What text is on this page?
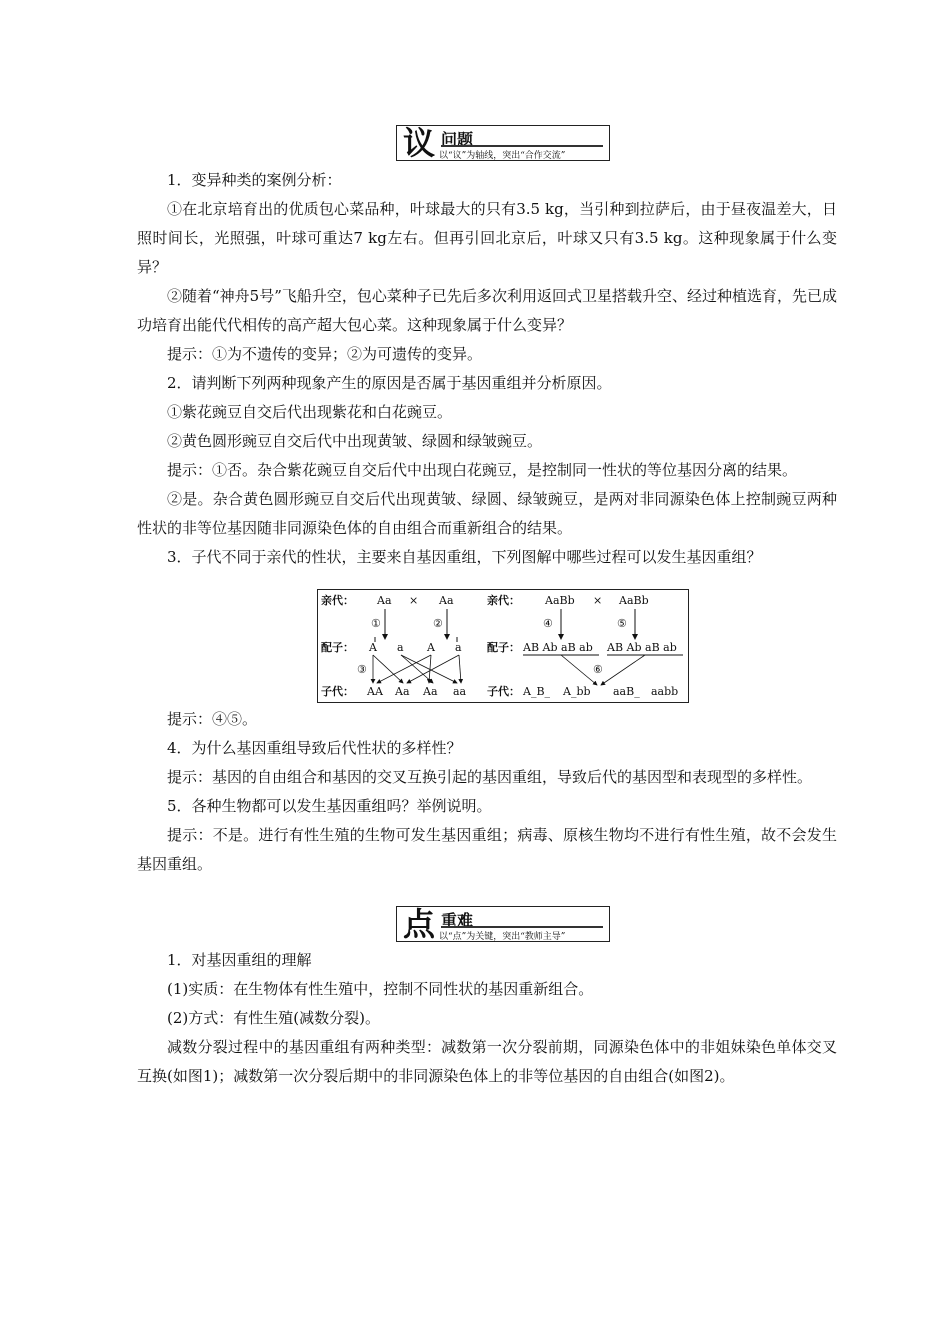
议 问题
以“议”为轴线，突出“合作交流”

1．变异种类的案例分析：

①在北京培育出的优质包心菜品种，叶球最大的只有3.5 kg，当引种到拉萨后，由于昼夜温差大，日照时间长，光照强，叶球可重达7 kg左右。但再引回北京后，叶球又只有3.5 kg。这种现象属于什么变异？

②随着“神舟5号”飞船升空，包心菜种子已先后多次利用返回式卫星搭载升空、经过种植选育，先已成功培育出能代代相传的高产超大包心菜。这种现象属于什么变异？

提示：①为不遗传的变异；②为可遗传的变异。

2．请判断下列两种现象产生的原因是否属于基因重组并分析原因。

①紫花豌豆自交后代出现紫花和白花豌豆。

②黄色圆形豌豆自交后代中出现黄皱、绿圆和绿皱豌豆。

提示：①否。杂合紫花豌豆自交后代中出现白花豌豆，是控制同一性状的等位基因分离的结果。

②是。杂合黄色圆形豌豆自交后代出现黄皱、绿圆、绿皱豌豆，是两对非同源染色体上控制豌豆两种性状的非等位基因随非同源染色体的自由组合而重新组合的结果。

3．子代不同于亲代的性状，主要来自基因重组，下列图解中哪些过程可以发生基因重组？

亲代： Aa × Aa
①	②
配子： A a A a
③
子代： AA Aa Aa aa
亲代： AaBb × AaBb
④	⑤
配子： AB Ab aB ab AB Ab aB ab
⑥
子代： A_B_ A_bb aaB_ aabb

提示：④⑤。

4．为什么基因重组导致后代性状的多样性？

提示：基因的自由组合和基因的交叉互换引起的基因重组，导致后代的基因型和表现型的多样性。

5．各种生物都可以发生基因重组吗？举例说明。

提示：不是。进行有性生殖的生物可发生基因重组；病毒、原核生物均不进行有性生殖，故不会发生基因重组。

点 重难
以“点”为关键，突出“教师主导”

1．对基因重组的理解

(1)实质：在生物体有性生殖中，控制不同性状的基因重新组合。

(2)方式：有性生殖(减数分裂)。

减数分裂过程中的基因重组有两种类型：减数第一次分裂前期，同源染色体中的非姐妹染色单体交叉互换(如图1)；减数第一次分裂后期中的非同源染色体上的非等位基因的自由组合(如图2)。
